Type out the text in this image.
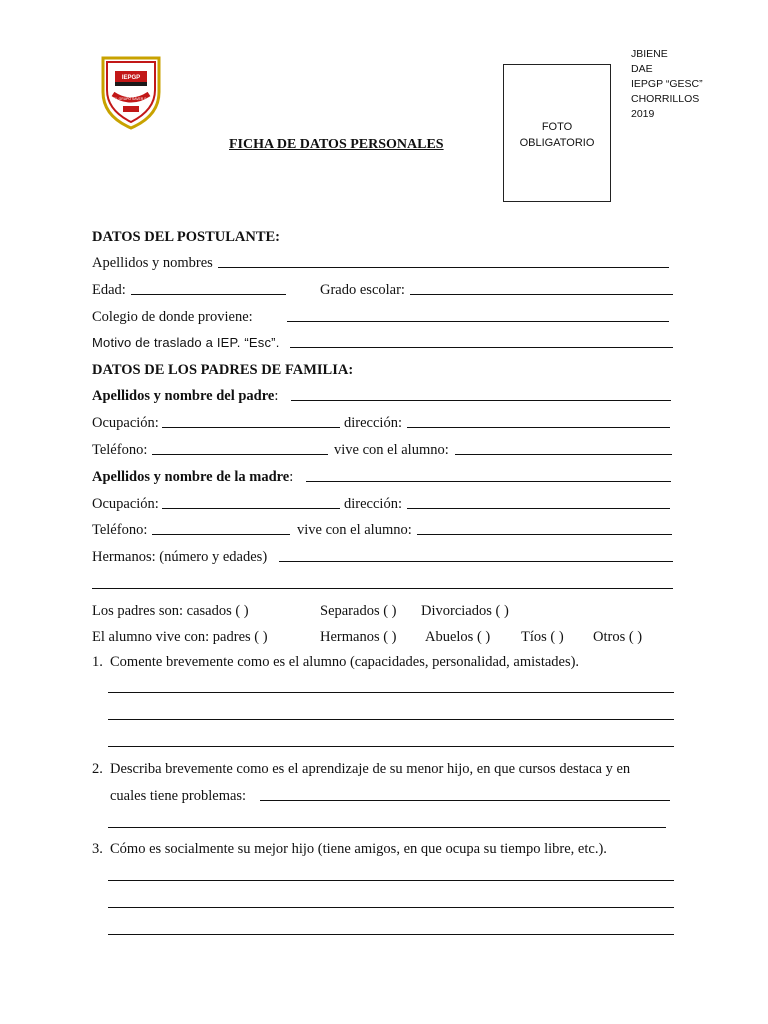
IEPGP
DEL GRUPO SAVER S.C.
JBIENE
DAE
IEPGP “GESC”
CHORRILLOS
2019
FOTO
OBLIGATORIO
FICHA DE DATOS PERSONALES
DATOS DEL POSTULANTE:
Apellidos y nombres
Edad:	Grado escolar:
Colegio de donde proviene:
Motivo de traslado a IEP. “Esc”.
DATOS DE LOS PADRES DE FAMILIA:
Apellidos y nombre del padre:
Ocupación:	dirección:
Teléfono:	vive con el alumno:
Apellidos y nombre de la madre:
Ocupación:	dirección:
Teléfono:	vive con el alumno:
Hermanos: (número y edades)
Los padres son: casados ( )	Separados ( ) Divorciados ( )
El alumno vive con: padres ( )	Hermanos ( ) Abuelos ( ) Tíos ( ) Otros ( )
1. Comente brevemente como es el alumno (capacidades, personalidad, amistades).
2. Describa brevemente como es el aprendizaje de su menor hijo, en que cursos destaca y en
cuales tiene problemas:
3. Cómo es socialmente su mejor hijo (tiene amigos, en que ocupa su tiempo libre, etc.).
